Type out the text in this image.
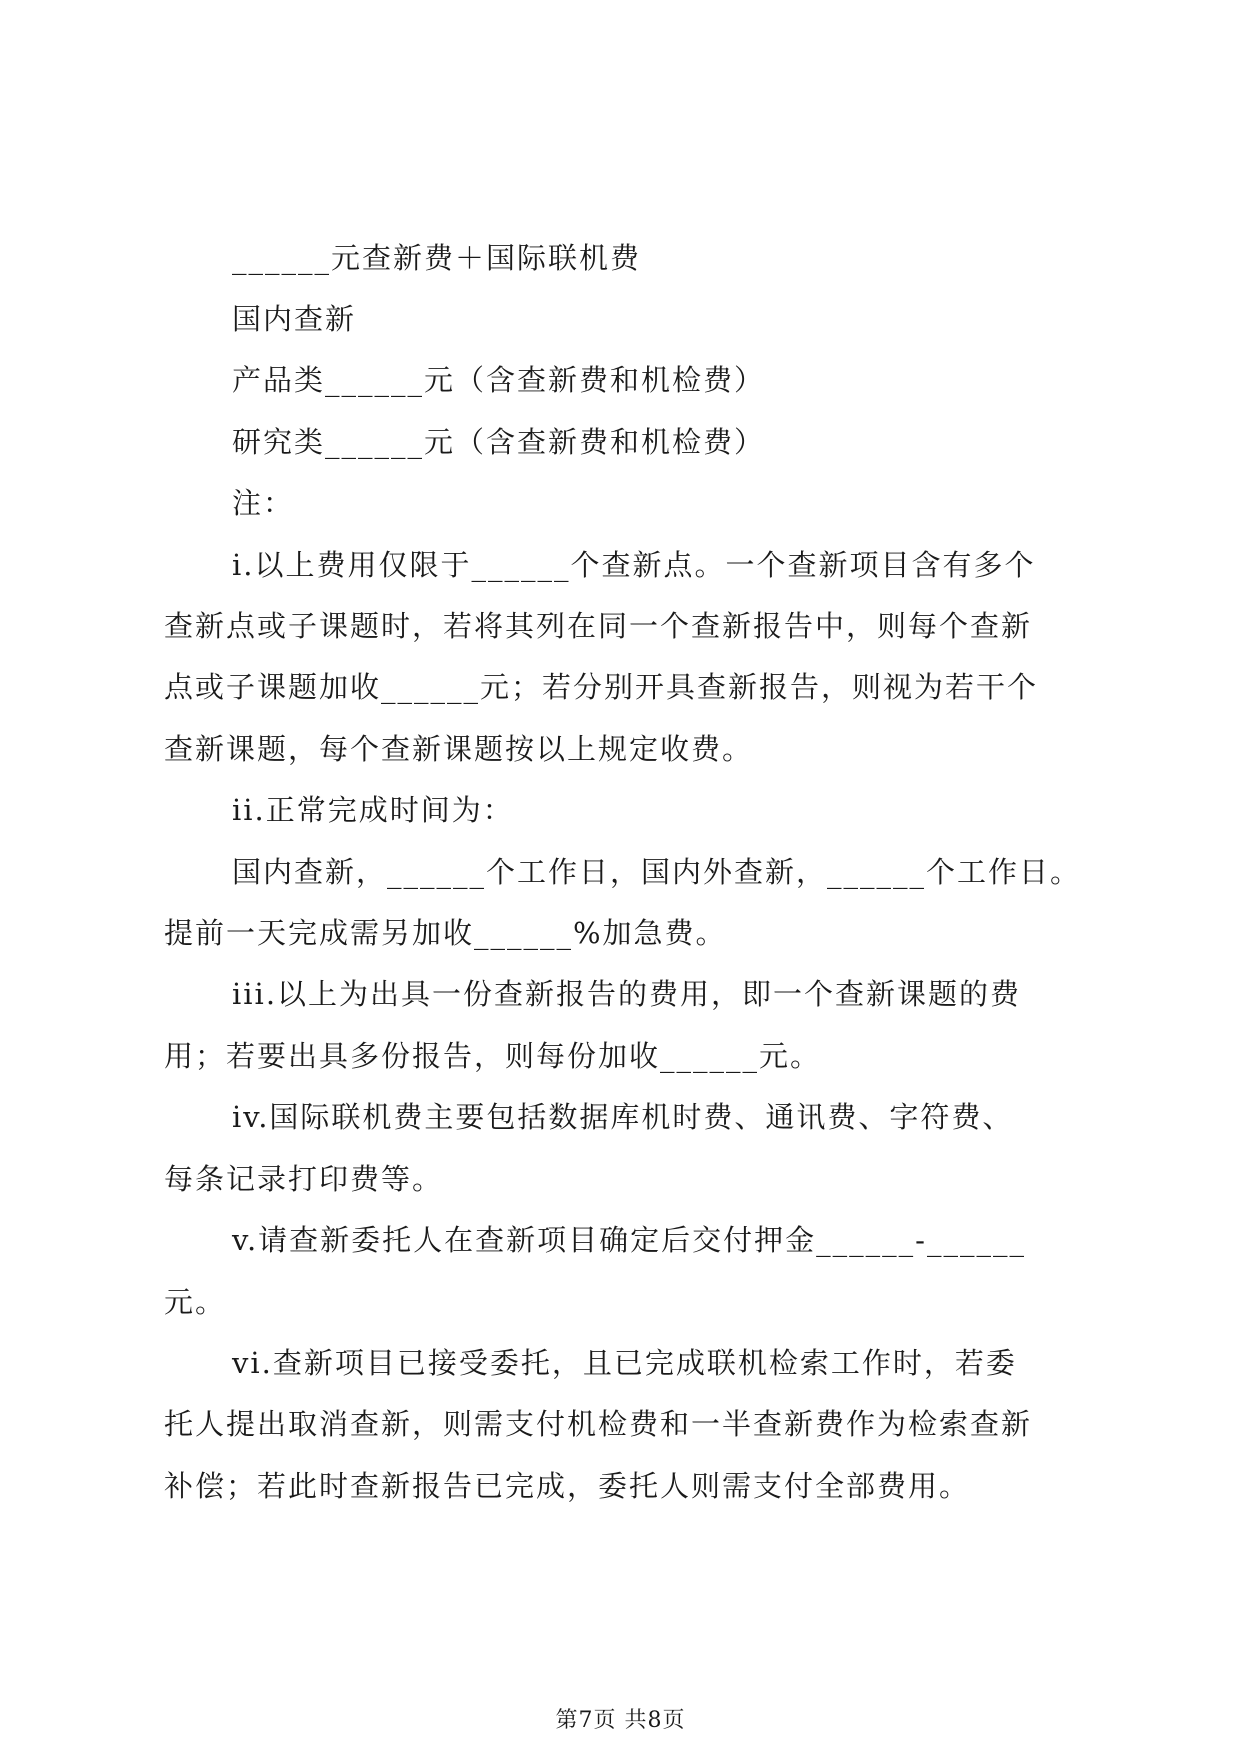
______元查新费＋国际联机费
国内查新
产品类______元（含查新费和机检费）
研究类______元（含查新费和机检费）
注：
i.以上费用仅限于______个查新点。一个查新项目含有多个
查新点或子课题时，若将其列在同一个查新报告中，则每个查新
点或子课题加收______元；若分别开具查新报告，则视为若干个
查新课题，每个查新课题按以上规定收费。
ii.正常完成时间为：
国内查新，______个工作日，国内外查新，______个工作日。
提前一天完成需另加收______%加急费。
iii.以上为出具一份查新报告的费用，即一个查新课题的费
用；若要出具多份报告，则每份加收______元。
iv.国际联机费主要包括数据库机时费、通讯费、字符费、
每条记录打印费等。
v.请查新委托人在查新项目确定后交付押金______-______
元。
vi.查新项目已接受委托，且已完成联机检索工作时，若委
托人提出取消查新，则需支付机检费和一半查新费作为检索查新
补偿；若此时查新报告已完成，委托人则需支付全部费用。
第7页 共8页
